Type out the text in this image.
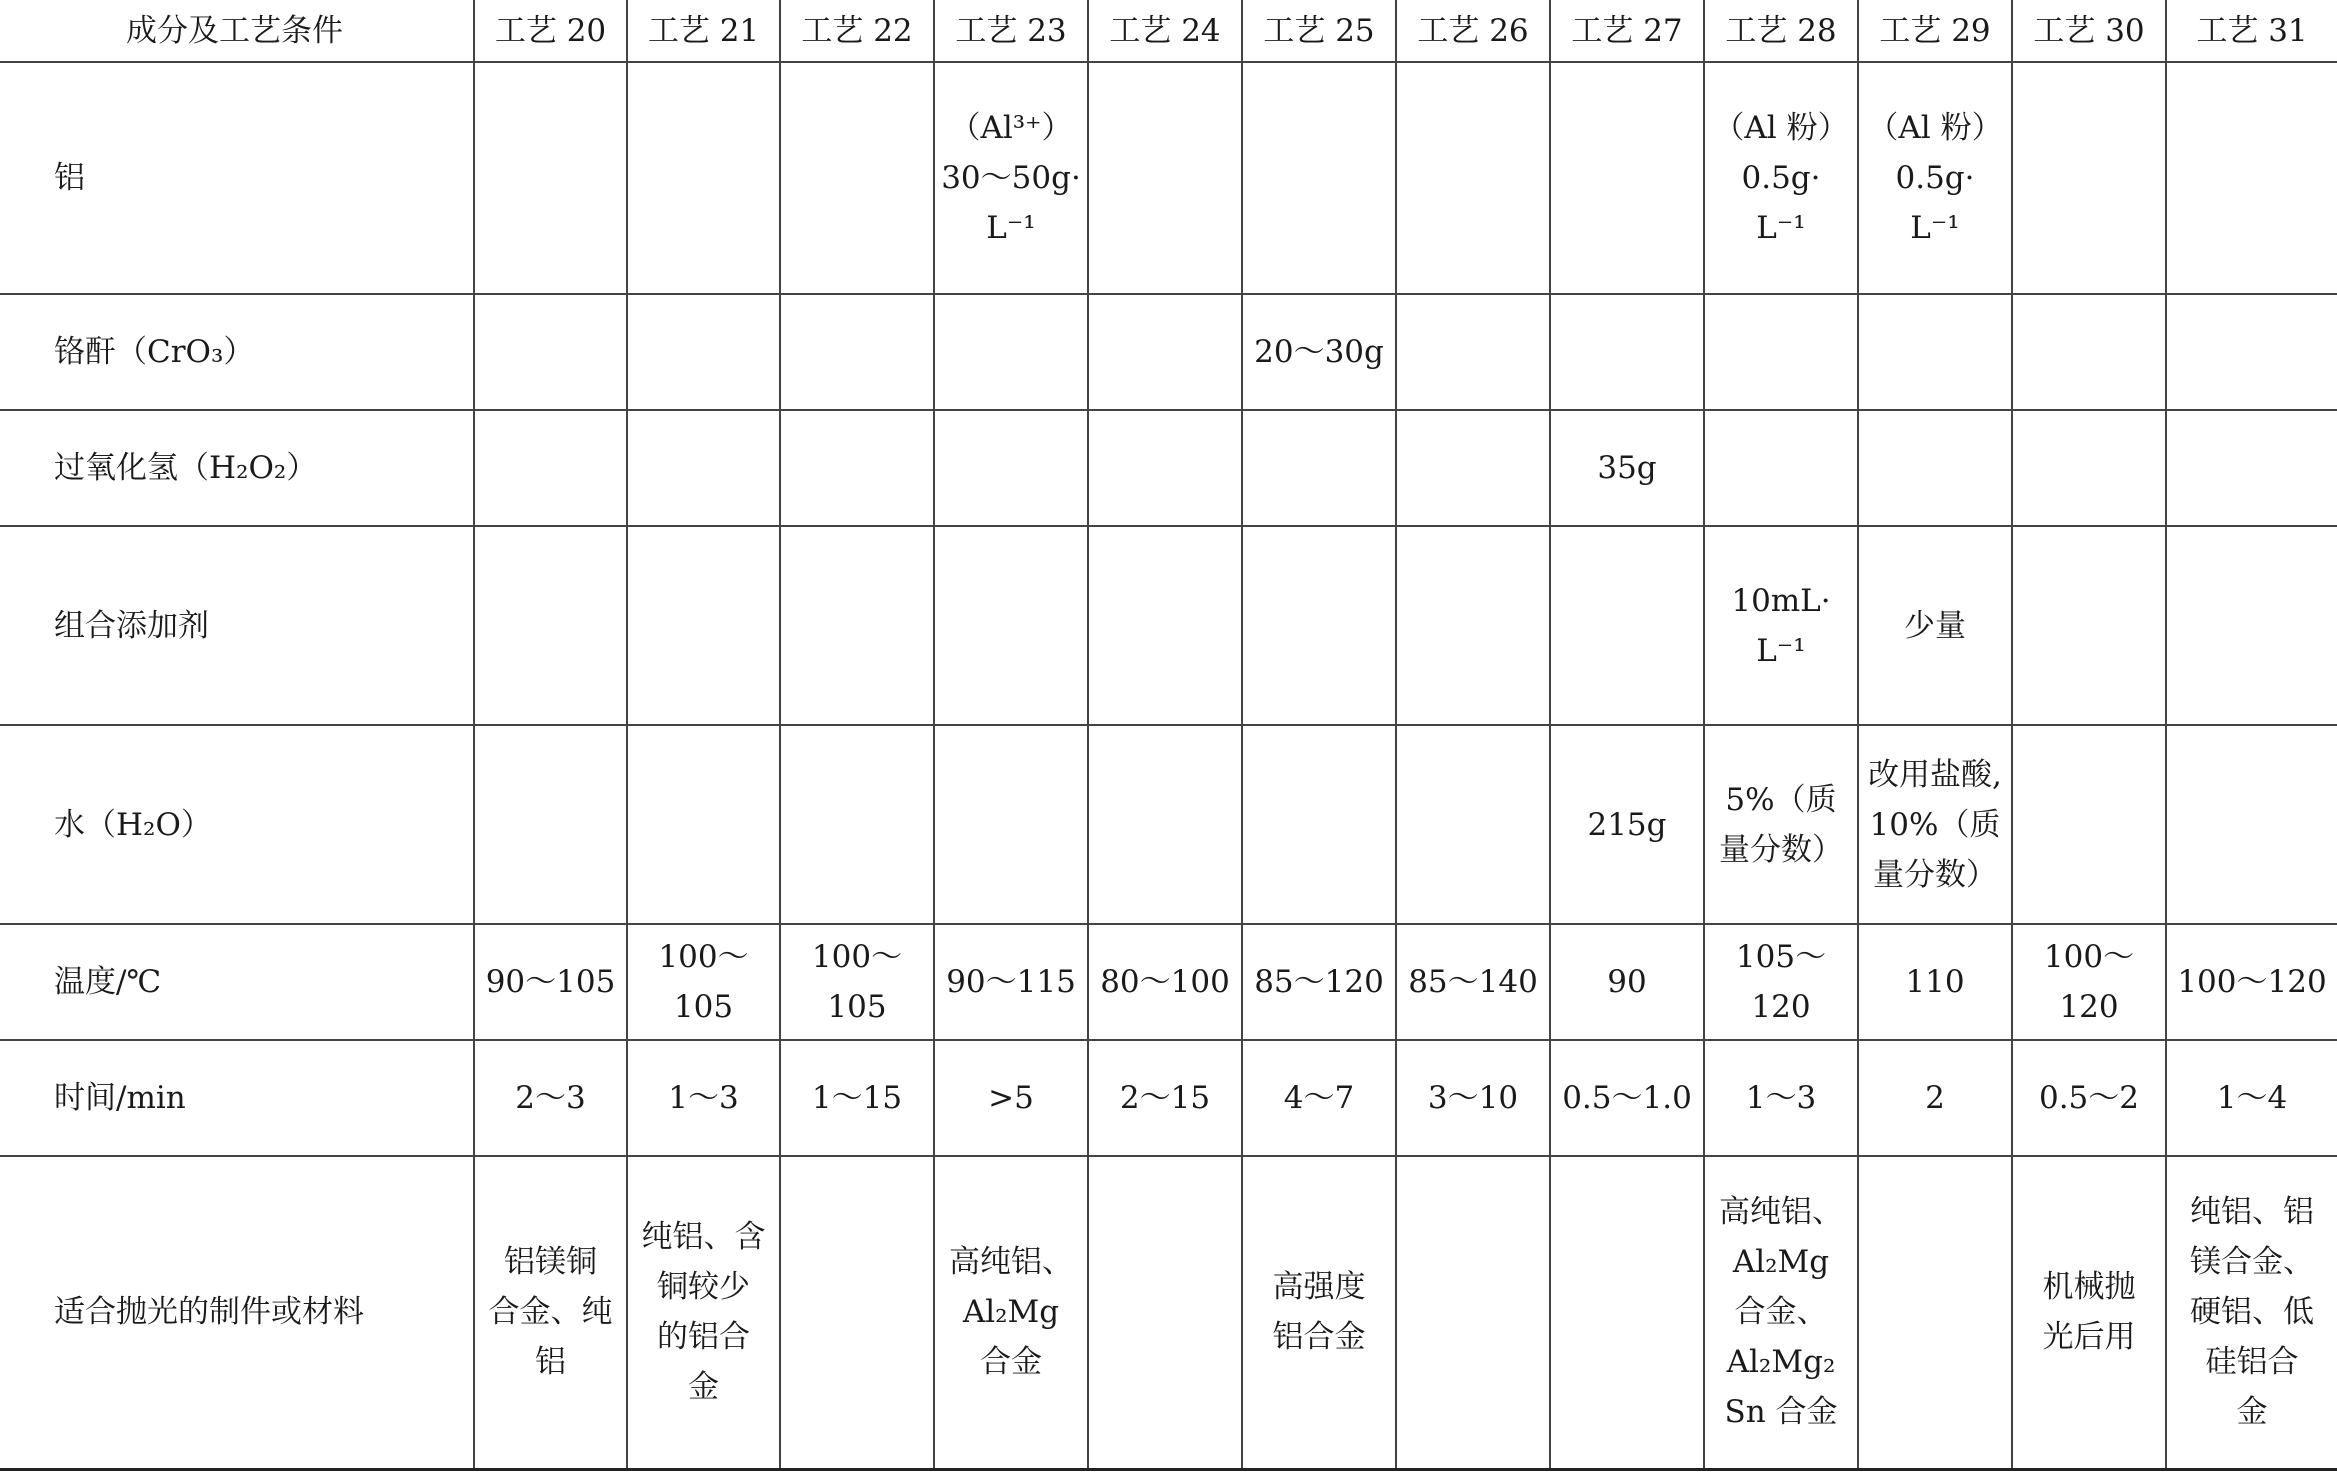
成分及工艺条件	工艺 20	工艺 21	工艺 22	工艺 23	工艺 24	工艺 25	工艺 26	工艺 27	工艺 28	工艺 29	工艺 30	工艺 31
铝				（Al³⁺）
30～50g·
L⁻¹					（Al 粉）
0.5g·
L⁻¹	（Al 粉）
0.5g·
L⁻¹		
铬酐（CrO₃）						20～30g						
过氧化氢（H₂O₂）								35g				
组合添加剂									10mL·
L⁻¹	少量		
水（H₂O）								215g	5%（质
量分数）	改用盐酸,
10%（质
量分数）		
温度/℃	90～105	100～105	100～105	90～115	80～100	85～120	85～140	90	105～120	110	100～120	100～120
时间/min	2～3	1～3	1～15	>5	2～15	4～7	3～10	0.5～1.0	1～3	2	0.5～2	1～4
适合抛光的制件或材料	铝镁铜
合金、纯
铝	纯铝、含
铜较少
的铝合
金		高纯铝、
Al₂Mg
合金		高强度
铝合金			高纯铝、
Al₂Mg
合金、
Al₂Mg₂
Sn 合金		机械抛
光后用	纯铝、铝
镁合金、
硬铝、低
硅铝合
金
